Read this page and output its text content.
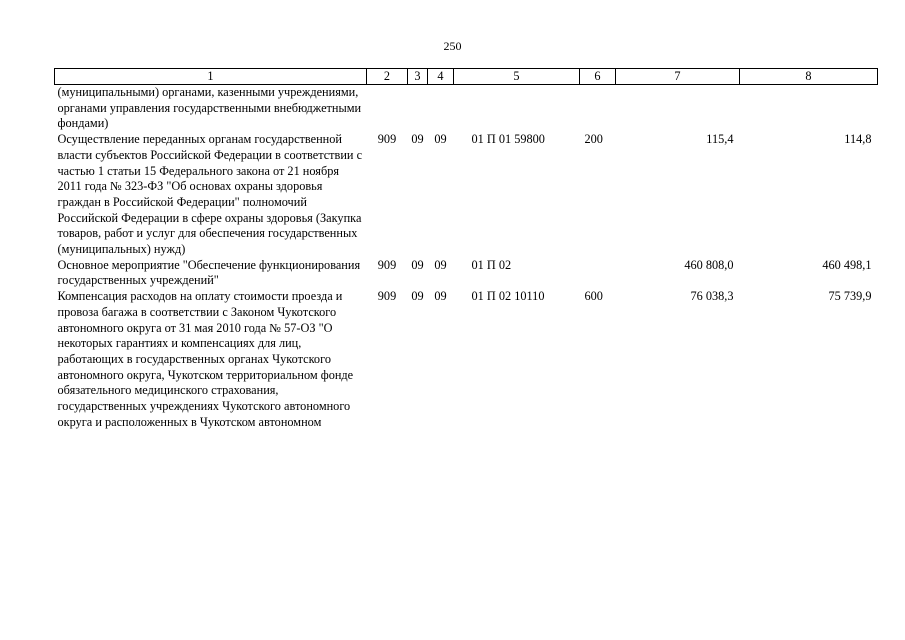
250
1	2	3	4	5	6	7	8
(муниципальными) органами, казенными учреждениями, органами управления государственными внебюджетными фондами)							
Осуществление переданных органам государственной власти субъектов Российской Федерации в соответствии с частью 1 статьи 15 Федерального закона от 21 ноября 2011 года № 323-ФЗ "Об основах охраны здоровья граждан в Российской Федерации" полномочий Российской Федерации в сфере охраны здоровья (Закупка товаров, работ и услуг для обеспечения государственных (муниципальных) нужд)	909	09	09	01 П 01 59800	200	115,4	114,8
Основное мероприятие "Обеспечение функционирования государственных учреждений"	909	09	09	01 П 02		460 808,0	460 498,1
Компенсация расходов на оплату стоимости проезда и провоза багажа в соответствии с Законом Чукотского автономного округа от 31 мая 2010 года № 57-ОЗ "О некоторых гарантиях и компенсациях для лиц, работающих в государственных органах Чукотского автономного округа, Чукотском территориальном фонде обязательного медицинского страхования, государственных учреждениях Чукотского автономного округа и расположенных в Чукотском автономном	909	09	09	01 П 02 10110	600	76 038,3	75 739,9
